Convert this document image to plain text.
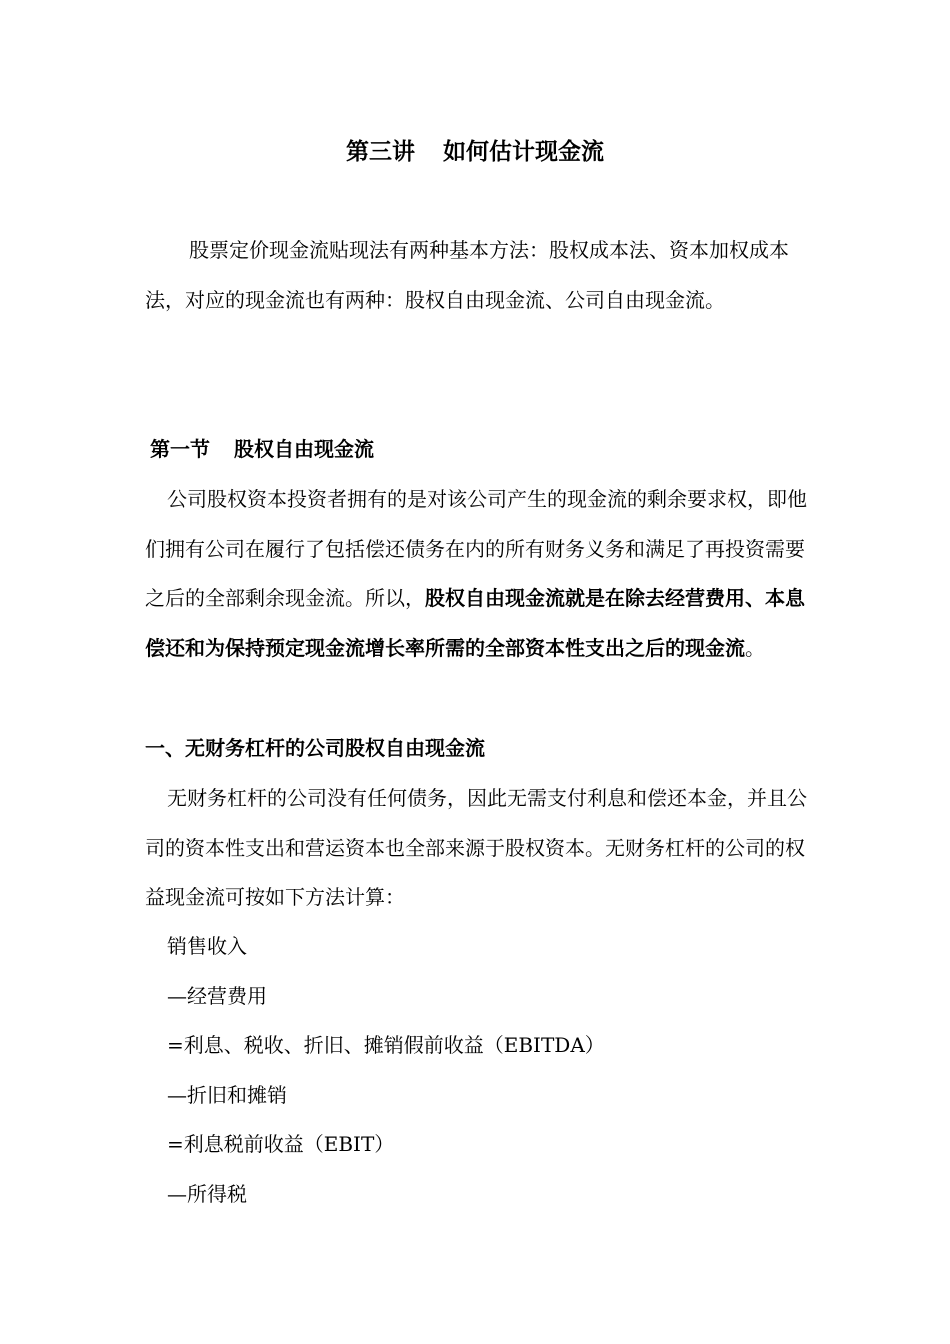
第三讲 如何估计现金流

股票定价现金流贴现法有两种基本方法：股权成本法、资本加权成本法，对应的现金流也有两种：股权自由现金流、公司自由现金流。

第一节 股权自由现金流

公司股权资本投资者拥有的是对该公司产生的现金流的剩余要求权，即他们拥有公司在履行了包括偿还债务在内的所有财务义务和满足了再投资需要之后的全部剩余现金流。所以，股权自由现金流就是在除去经营费用、本息偿还和为保持预定现金流增长率所需的全部资本性支出之后的现金流。

一、无财务杠杆的公司股权自由现金流

无财务杠杆的公司没有任何债务，因此无需支付利息和偿还本金，并且公司的资本性支出和营运资本也全部来源于股权资本。无财务杠杆的公司的权益现金流可按如下方法计算：

销售收入
—经营费用
=利息、税收、折旧、摊销假前收益（EBITDA）
—折旧和摊销
=利息税前收益（EBIT）
—所得税
